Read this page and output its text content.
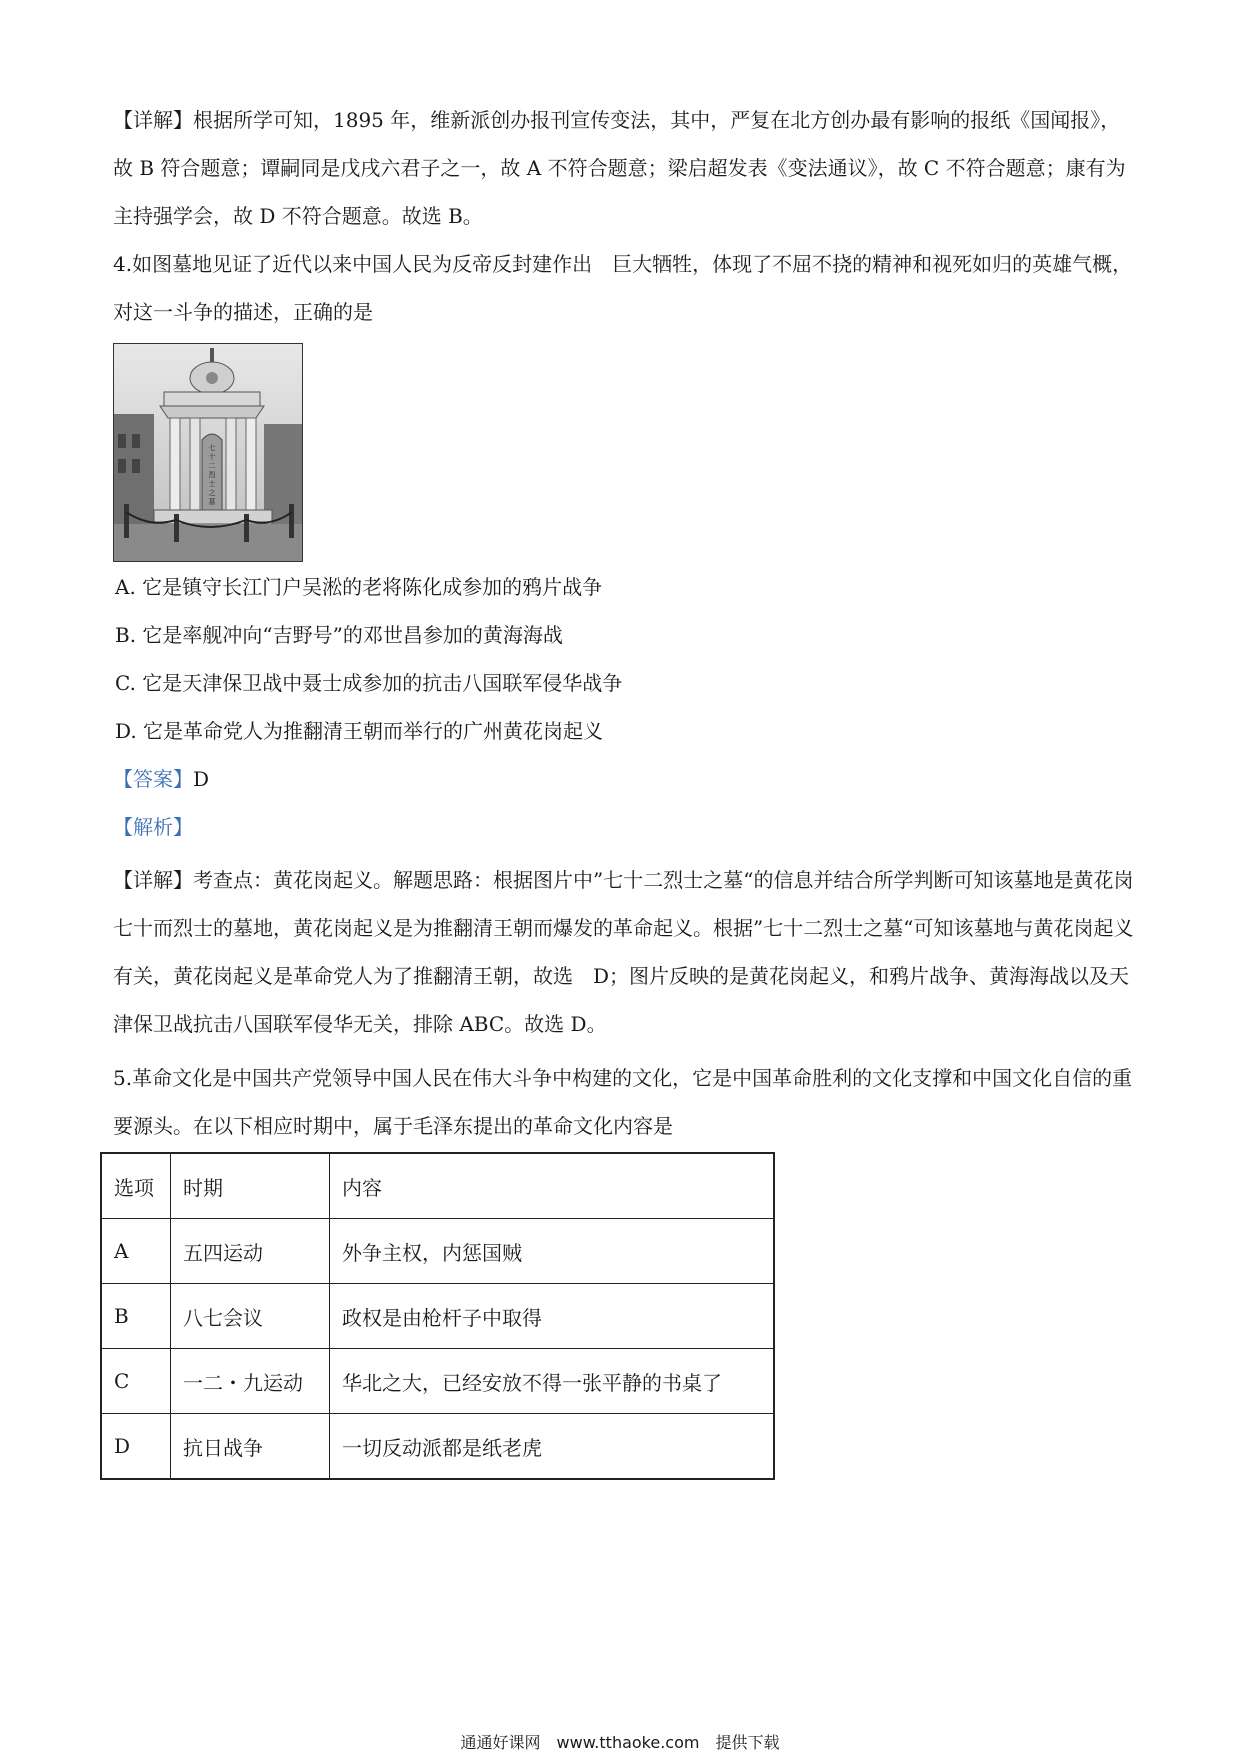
【详解】根据所学可知，1895 年，维新派创办报刊宣传变法，其中，严复在北方创办最有影响的报纸《国闻报》，故 B 符合题意；谭嗣同是戊戌六君子之一，故 A 不符合题意；梁启超发表《变法通议》，故 C 不符合题意；康有为主持强学会，故 D 不符合题意。故选 B。
4.如图墓地见证了近代以来中国人民为反帝反封建作出　巨大牺牲，体现了不屈不挠的精神和视死如归的英雄气概，对这一斗争的描述，正确的是
七
十
二
烈
士
之
墓
A. 它是镇守长江门户吴淞的老将陈化成参加的鸦片战争
B. 它是率舰冲向“吉野号”的邓世昌参加的黄海海战
C. 它是天津保卫战中聂士成参加的抗击八国联军侵华战争
D. 它是革命党人为推翻清王朝而举行的广州黄花岗起义
【答案】D
【解析】
【详解】考查点：黄花岗起义。解题思路：根据图片中”七十二烈士之墓“的信息并结合所学判断可知该墓地是黄花岗七十而烈士的墓地，黄花岗起义是为推翻清王朝而爆发的革命起义。根据”七十二烈士之墓“可知该墓地与黄花岗起义有关，黄花岗起义是革命党人为了推翻清王朝，故选　D；图片反映的是黄花岗起义，和鸦片战争、黄海海战以及天津保卫战抗击八国联军侵华无关，排除 ABC。故选 D。
5.革命文化是中国共产党领导中国人民在伟大斗争中构建的文化，它是中国革命胜利的文化支撑和中国文化自信的重要源头。在以下相应时期中，属于毛泽东提出的革命文化内容是
选项	时期	内容
A	五四运动	外争主权，内惩国贼
B	八七会议	政权是由枪杆子中取得
C	一二・九运动	华北之大，已经安放不得一张平静的书桌了
D	抗日战争	一切反动派都是纸老虎
通通好课网　www.tthaoke.com　提供下载
